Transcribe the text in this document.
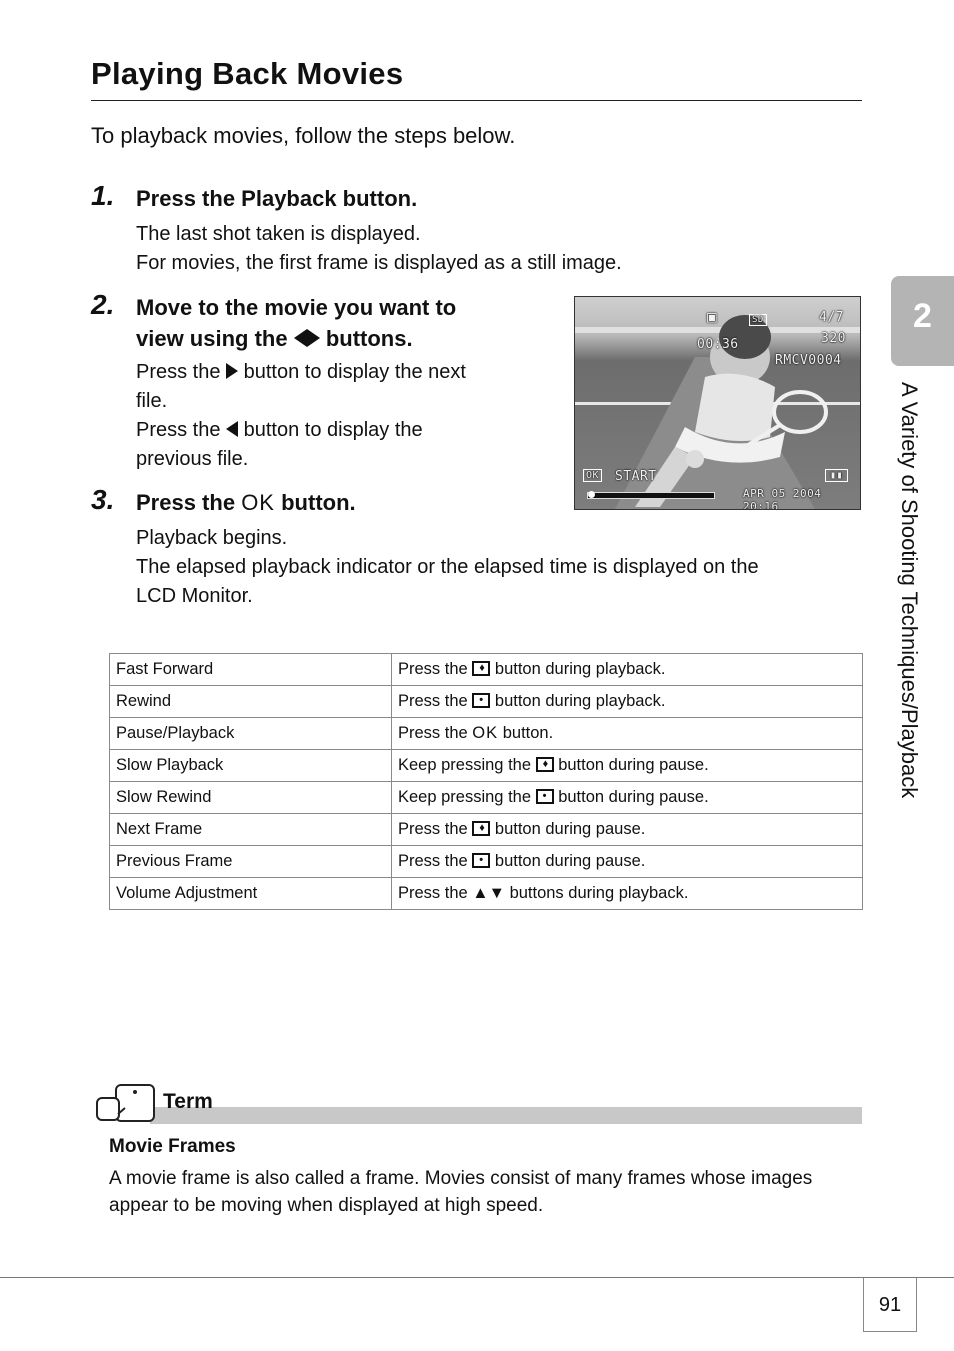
Playing Back Movies
To playback movies, follow the steps below.
1. Press the Playback button.
The last shot taken is displayed.
For movies, the first frame is displayed as a still image.
2. Move to the movie you want to
view using the buttons.
Press the button to display the next
file.
Press the button to display the
previous file.
00:36
4/7
320
RMCV0004
SD
▣
OK START	▮▮
APR 05 2004 20:16
3. Press the OK button.
Playback begins.
The elapsed playback indicator or the elapsed time is displayed on the
LCD Monitor.
2
A Variety of Shooting Techniques/Playback
Fast Forward	Press the ♦ button during playback.
Rewind	Press the • button during playback.
Pause/Playback	Press the OK button.
Slow Playback	Keep pressing the ♦ button during pause.
Slow Rewind	Keep pressing the • button during pause.
Next Frame	Press the ♦ button during pause.
Previous Frame	Press the • button during pause.
Volume Adjustment	Press the ▲▼ buttons during playback.
Term
Movie Frames
A movie frame is also called a frame. Movies consist of many frames whose images appear to be moving when displayed at high speed.
91
